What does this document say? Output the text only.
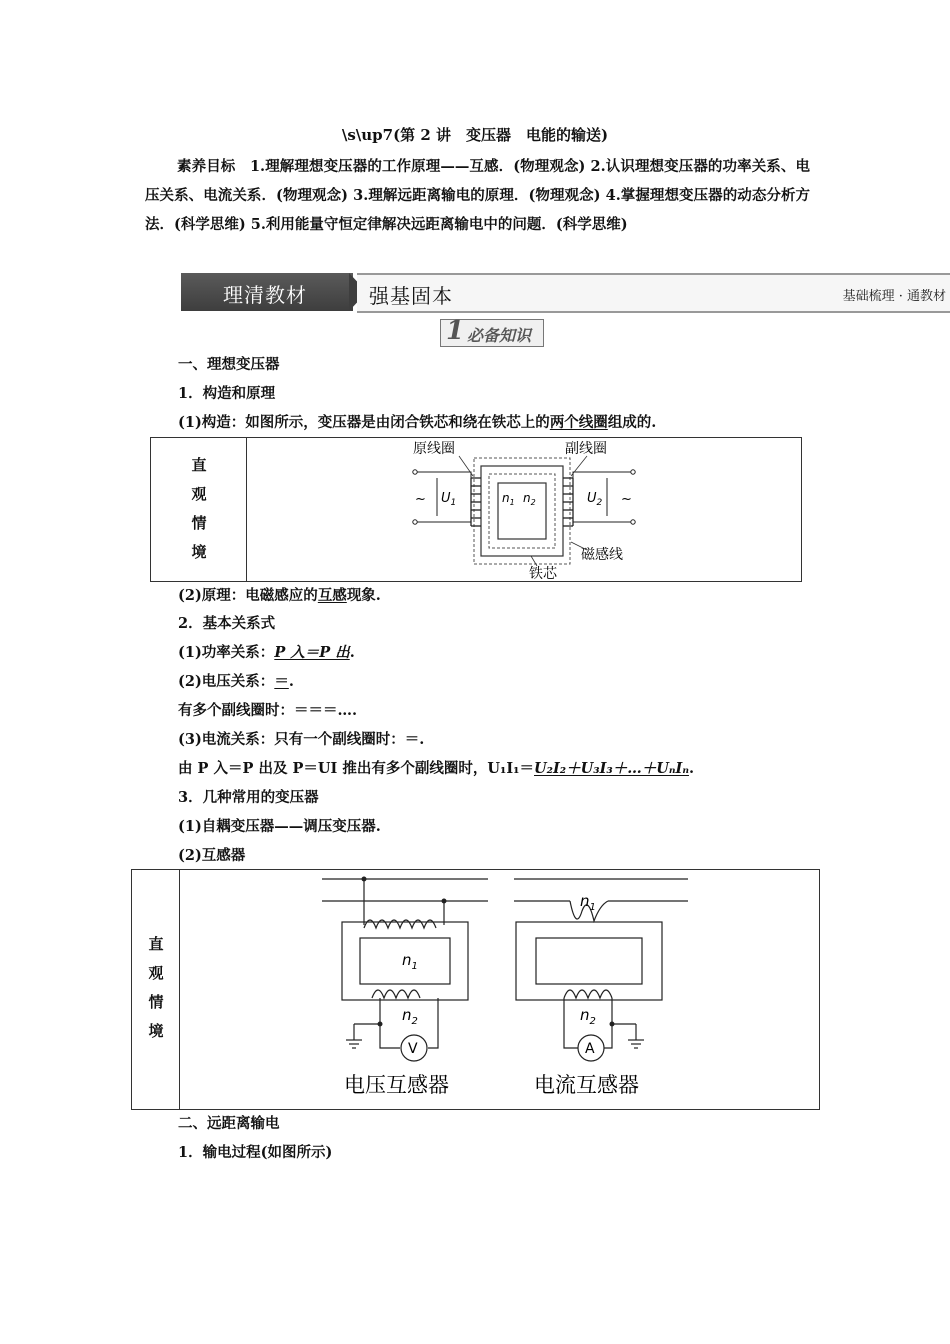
\s\up7(第 2 讲　变压器　电能的输送)
素养目标　1.理解理想变压器的工作原理——互感．(物理观念) 2.认识理想变压器的功率关系、电压关系、电流关系．(物理观念) 3.理解远距离输电的原理．(物理观念) 4.掌握理想变压器的动态分析方法．(科学思维) 5.利用能量守恒定律解决远距离输电中的问题．(科学思维)
理清教材	强基固本	基础梳理 · 通教材
1 必备知识
一、理想变压器
1．构造和原理
(1)构造：如图所示，变压器是由闭合铁芯和绕在铁芯上的两个线圈组成的.
直
观
情
境
原线圈	副线圈
磁感线
铁芯
~	~
$U_1$	$U_2$
$n_1$ $n_2$
(2)原理：电磁感应的互感现象.
2．基本关系式
(1)功率关系：P 入＝P 出.
(2)电压关系：＝.
有多个副线圈时：＝＝＝….
(3)电流关系：只有一个副线圈时：＝.
由 P 入＝P 出及 P＝UI 推出有多个副线圈时，U₁I₁＝U₂I₂＋U₃I₃＋…＋UₙIₙ.
3．几种常用的变压器
(1)自耦变压器——调压变压器.
(2)互感器
直
观
情
境
V
$n_1$
$n_2$
电压互感器
A
$n_1$
$n_2$
电流互感器
二、远距离输电
1．输电过程(如图所示)
